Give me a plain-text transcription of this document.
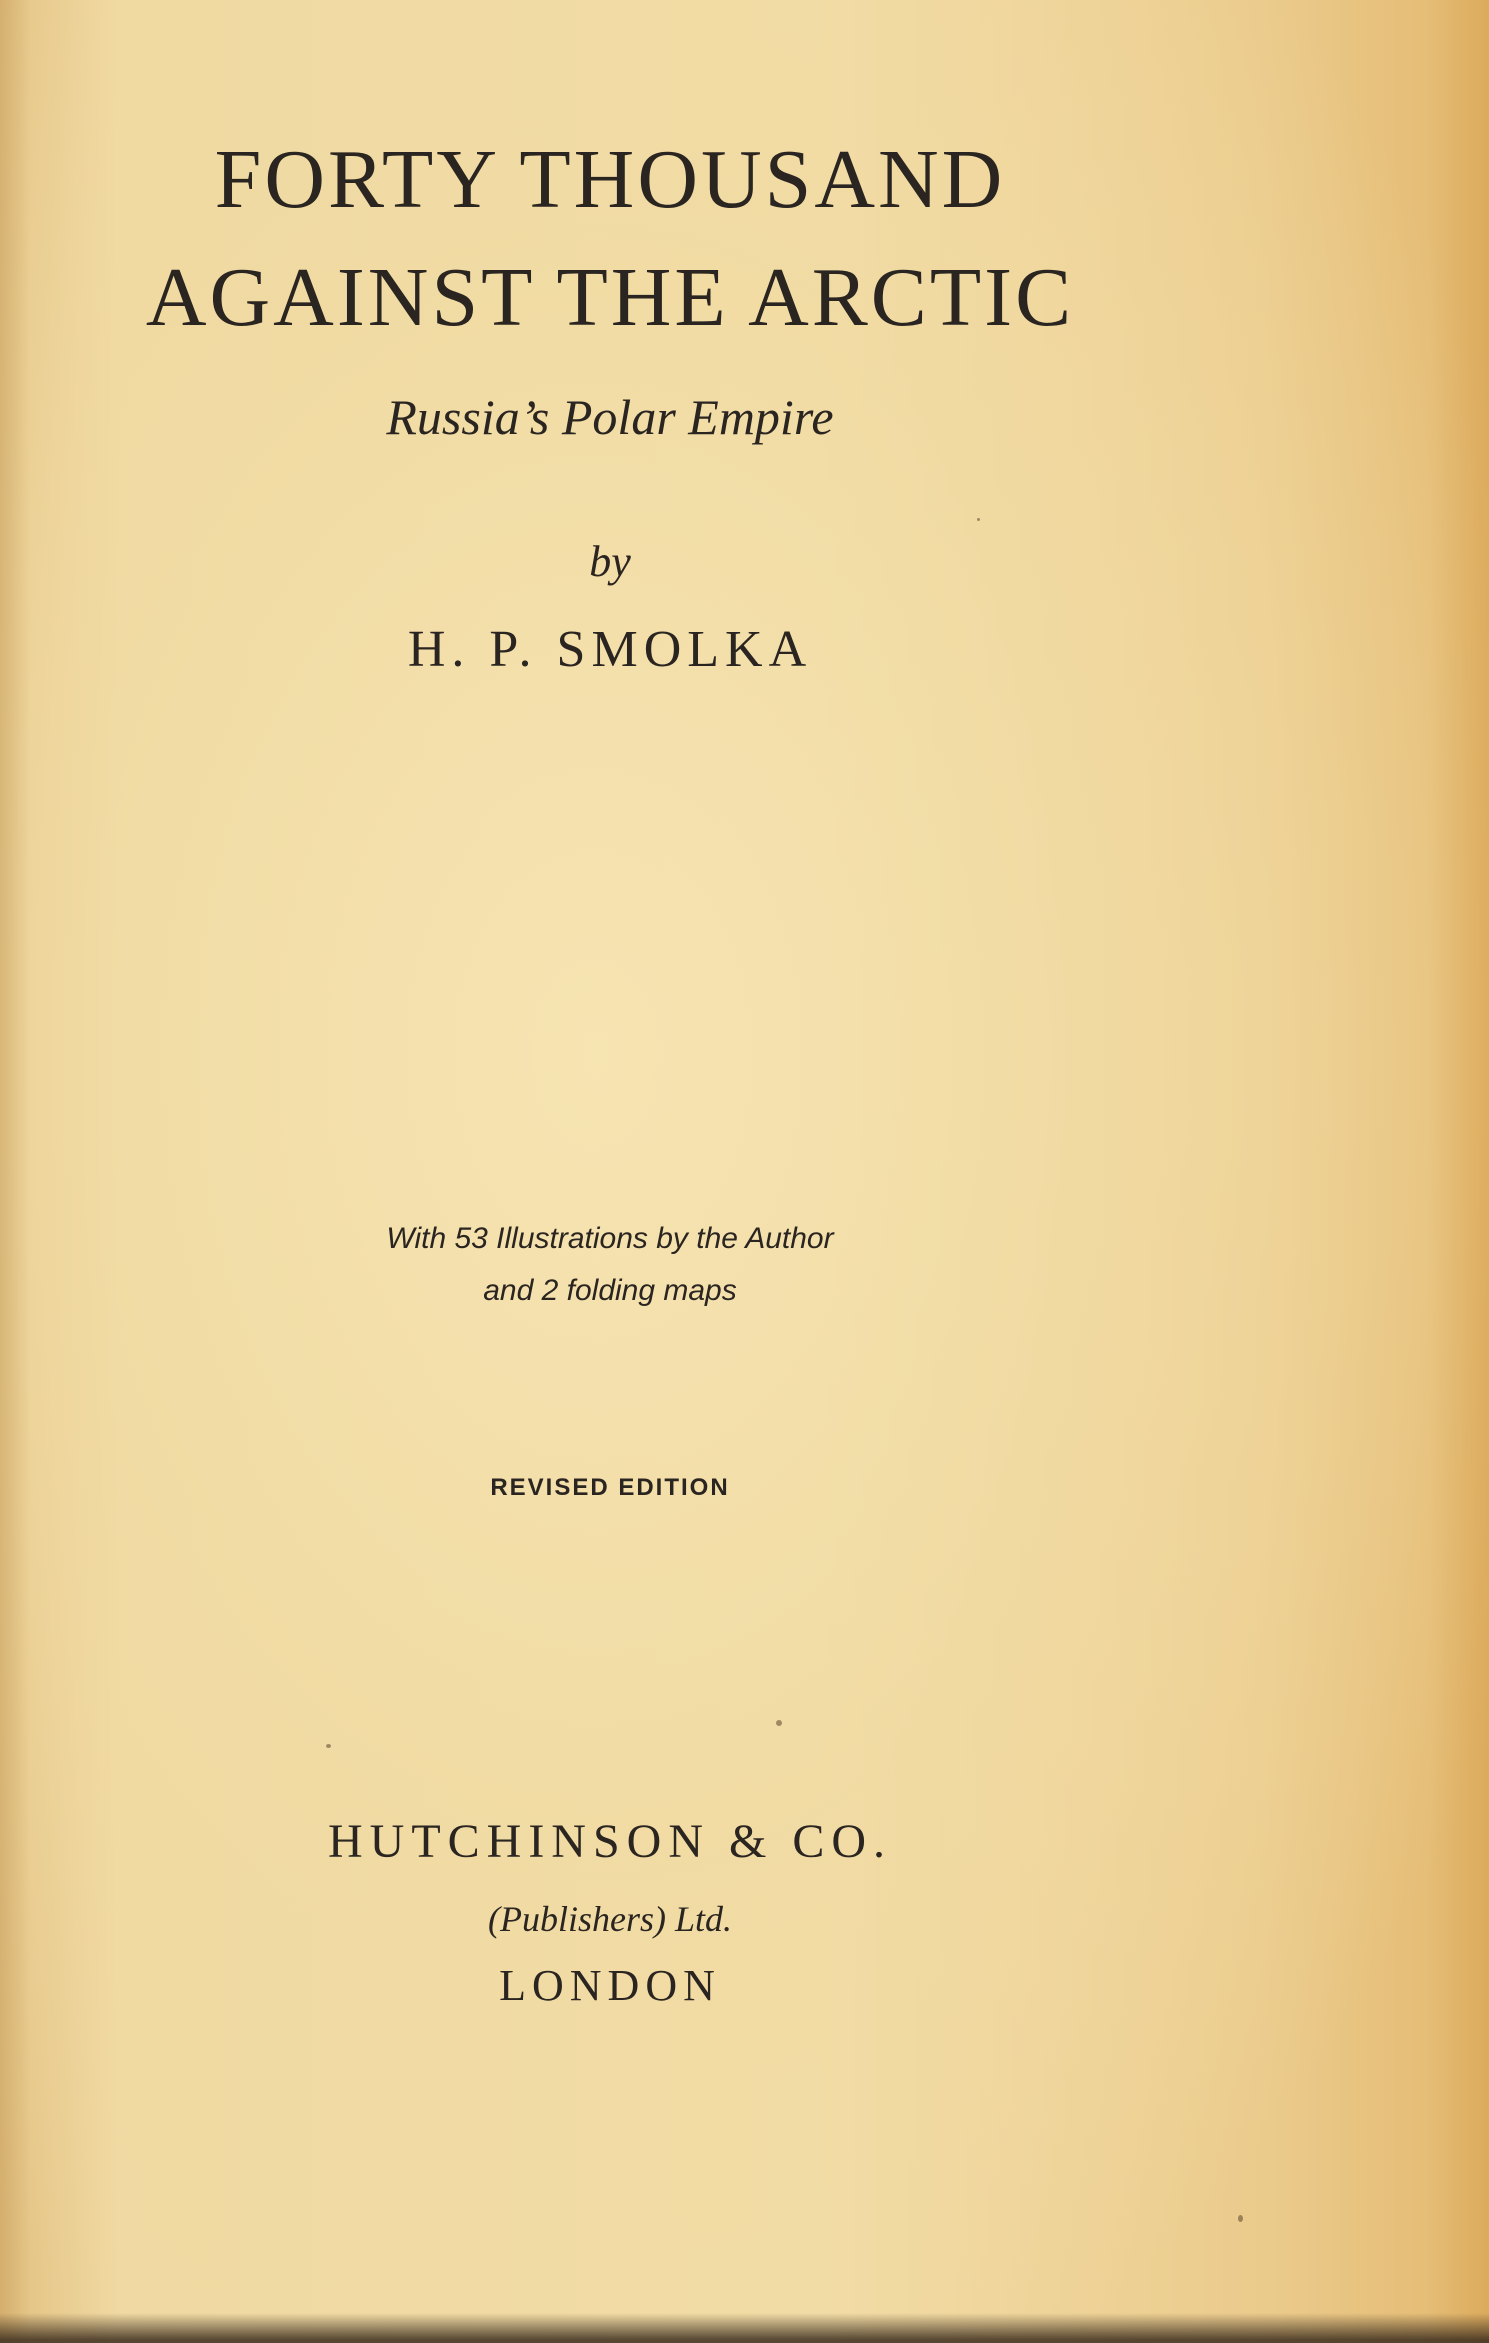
FORTY THOUSAND
AGAINST THE ARCTIC

Russia’s Polar Empire

by

H. P. SMOLKA

With 53 Illustrations by the Author

and 2 folding maps

REVISED EDITION

HUTCHINSON & CO.

(Publishers) Ltd.

LONDON
